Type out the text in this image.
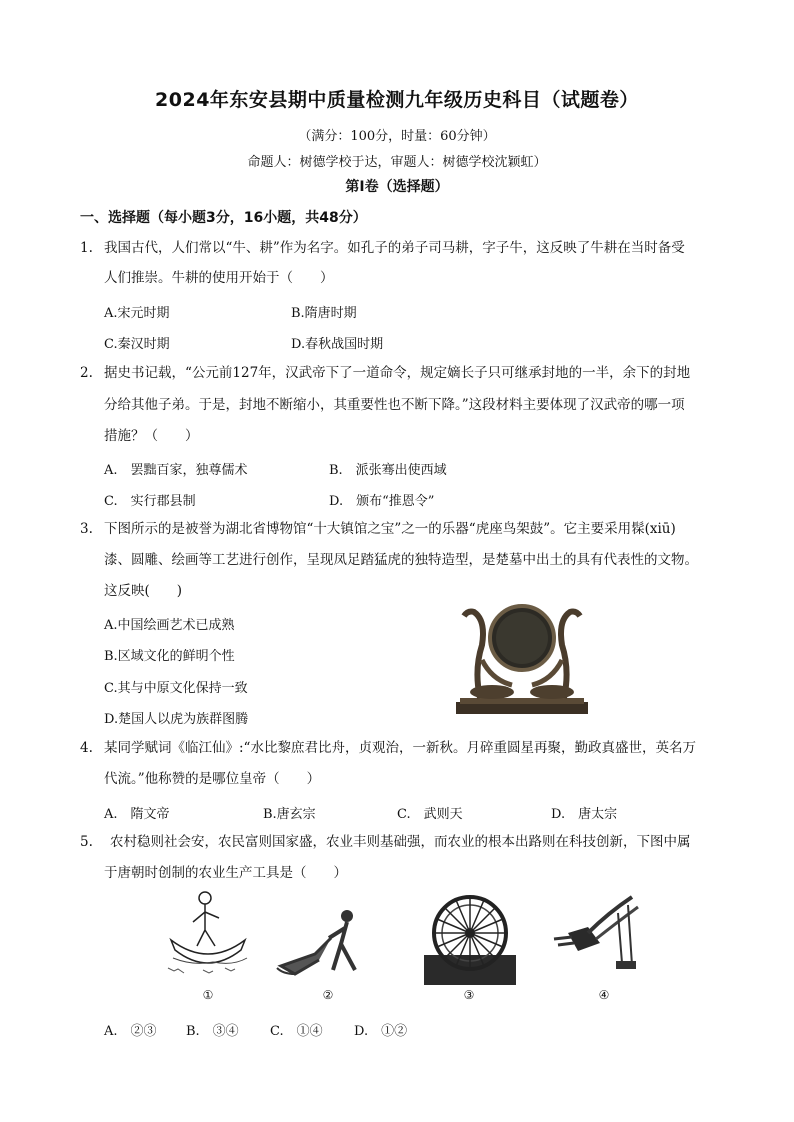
2024年东安县期中质量检测九年级历史科目（试题卷）
（满分：100分，时量：60分钟）
命题人：树德学校于达，审题人：树德学校沈颖虹）
第Ⅰ卷（选择题）
一、选择题（每小题3分，16小题，共48分）
1. 我国古代，人们常以“牛、耕”作为名字。如孔子的弟子司马耕，字子牛，这反映了牛耕在当时备受
人们推崇。牛耕的使用开始于（　　）
A.宋元时期	B.隋唐时期
C.秦汉时期	D.春秋战国时期
2. 据史书记载，“公元前127年，汉武帝下了一道命令，规定嫡长子只可继承封地的一半，余下的封地
分给其他子弟。于是，封地不断缩小，其重要性也不断下降。”这段材料主要体现了汉武帝的哪一项
措施？（　　）
A.　罢黜百家，独尊儒术	B.　派张骞出使西域
C.　实行郡县制	D.　颁布“推恩令”
3. 下图所示的是被誉为湖北省博物馆“十大镇馆之宝”之一的乐器“虎座鸟架鼓”。它主要采用髹(xiū)
漆、圆雕、绘画等工艺进行创作，呈现凤足踏猛虎的独特造型，是楚墓中出土的具有代表性的文物。
这反映(　　)
A.中国绘画艺术已成熟
B.区域文化的鲜明个性
C.其与中原文化保持一致
D.楚国人以虎为族群图腾
4. 某同学赋词《临江仙》:“水比黎庶君比舟，贞观治，一新秋。月碎重圆星再聚，勤政真盛世，英名万
代流。”他称赞的是哪位皇帝（　　）
A.　隋文帝	B.唐玄宗	C.　武则天	D.　唐太宗
5. 农村稳则社会安，农民富则国家盛，农业丰则基础强，而农业的根本出路则在科技创新，下图中属
于唐朝时创制的农业生产工具是（　　）
①	②	③	④
A.　②③ B.　③④ C.　①④ D.　①②
